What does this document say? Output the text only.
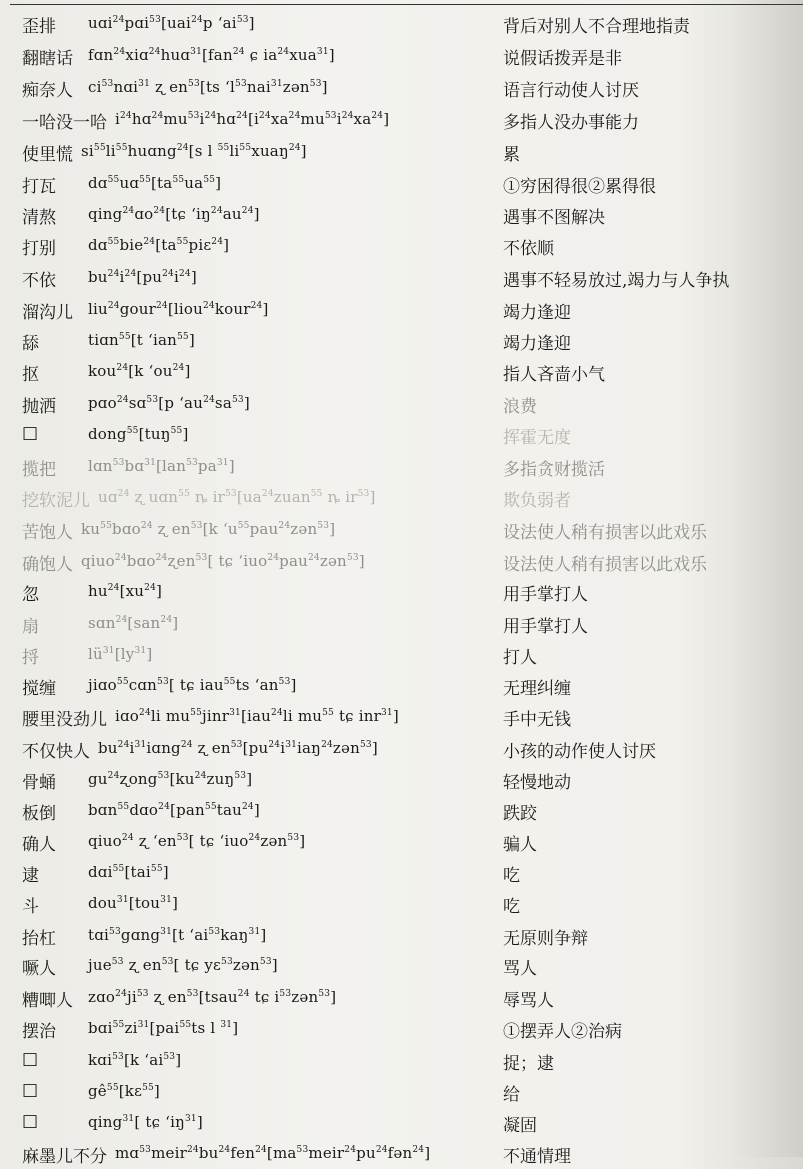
歪排 uɑi$^{24}$pɑi$^{53}$[uai$^{24}$p ʻai$^{53}$]	背后对别人不合理地指责
翻瞎话 fɑn$^{24}$xiɑ$^{24}$huɑ$^{31}$[fan$^{24}$ ɕ $ia^{24}xua^{31}$]	说假话拨弄是非
痴奈人 $ci^{53}nɑi^{31}$ ʐ $en^{53}[ts$ ʻl$^{53}$nai$^{31}$zən$^{53}$]	语言行动使人讨厌
一哈没一哈 $i^{24}hɑ^{24}mu^{53}i^{24}hɑ^{24}[i^{24}xa^{24}mu^{53}i^{24}xa^{24}]$	多指人没办事能力
使里慌 $si^{55}li^{55}huɑng^{24}[s$ l $^{55}li^{55}xuaŋ^{24}$]	累
打瓦 $dɑ^{55}uɑ^{55}[ta^{55}ua^{55}]$	①穷困得很②累得很
清熬 qing$^{24}$ɑo$^{24}$[tɕ $ʻiŋ^{24}au^{24}$]	遇事不图解决
打别 $dɑ^{55}bie^{24}[ta^{55}piɛ^{24}]$	不依顺
不依 $bu^{24}i^{24}[pu^{24}i^{24}]$	遇事不轻易放过,竭力与人争执
溜沟儿 liu$^{24}$gour$^{24}$[liou$^{24}$kour$^{24}$]	竭力逢迎
舔	tiɑn$^{55}$[t ʻian$^{55}$]	竭力逢迎
抠	kou$^{24}$[k ʻou$^{24}$]	指人吝啬小气
抛洒 pɑo$^{24}$sɑ$^{53}$[p $ʻau^{24}sa^{53}$]	浪费
□	dong$^{55}$[tuŋ$^{55}$]	挥霍无度
揽把 $lɑn^{53}bɑ^{31}[lan^{53}pa^{31}]$	多指贪财揽活
挖软泥儿 uɑ$^{24}$ ʐ uɑn$^{55}$ ȵ $ir^{53}[ua^{24}zuan^{55}$ ȵ $ir^{53}$]	欺负弱者
苦饱人 $ku^{55}bɑo^{24}$ ʐ $en^{53}[k$ ʻu$^{55}$pau$^{24}$zən$^{53}$]	设法使人稍有损害以此戏乐
确饱人 qiuo$^{24}$bɑo$^{24}$ʐen$^{53}$[ tɕ ʻiuo$^{24}$pau$^{24}$zən$^{53}$]	设法使人稍有损害以此戏乐
忽	$hu^{24}[xu^{24}]$	用手掌打人
扇	sɑn$^{24}$[san$^{24}$]	用手掌打人
捋	$lü^{31}[ly^{31}]$	打人
搅缠 jiɑo$^{55}$cɑn$^{53}$[ tɕ iau$^{55}$ts ʻan$^{53}$]	无理纠缠
腰里没劲儿 iɑo$^{24}$li $mu^{55}jinr^{31}[iau^{24}li$ $mu^{55}$ tɕ inr$^{31}$]	手中无钱
不仅快人 $bu^{24}i^{31}iɑng^{24}$ ʐ $en^{53}[pu^{24}i^{31}iaŋ^{24}zən^{53}]$	小孩的动作使人讨厌
骨蛹 $gu^{24}ʐong^{53}[ku^{24}zuŋ^{53}]$	轻慢地动
板倒 bɑn$^{55}$dɑo$^{24}$[pan$^{55}$tau$^{24}$]	跌跤
确人 qiuo$^{24}$ ʐ ʻen$^{53}$[ tɕ ʻiuo$^{24}$zən$^{53}$]	骗人
逮	dɑi$^{55}$[tai$^{55}$]	吃
斗	dou$^{31}$[tou$^{31}$]	吃
抬杠 tɑi$^{53}$gɑng$^{31}$[t ʻai$^{53}$kaŋ$^{31}$]	无原则争辩
噘人 jue$^{53}$ ʐ $en^{53}$[ tɕ yɛ$^{53}$zən$^{53}$]	骂人
糟唧人 $zɑo^{24}ji^{53}$ ʐ $en^{53}[tsau^{24}$ tɕ $i^{53}zən^{53}$]	辱骂人
摆治 $bɑi^{55}zi^{31}[pai^{55}ts$ l $^{31}$]	①摆弄人②治病
□	kɑi$^{53}$[k ʻai$^{53}$]	捉；逮
□	$gê^{55}[kɛ^{55}]$	给
□	qing$^{31}$[ tɕ ʻiŋ$^{31}$]	凝固
麻墨儿不分 $mɑ^{53}meir^{24}bu^{24}fen^{24}[ma^{53}meir^{24}pu^{24}fən^{24}]$	不通情理
